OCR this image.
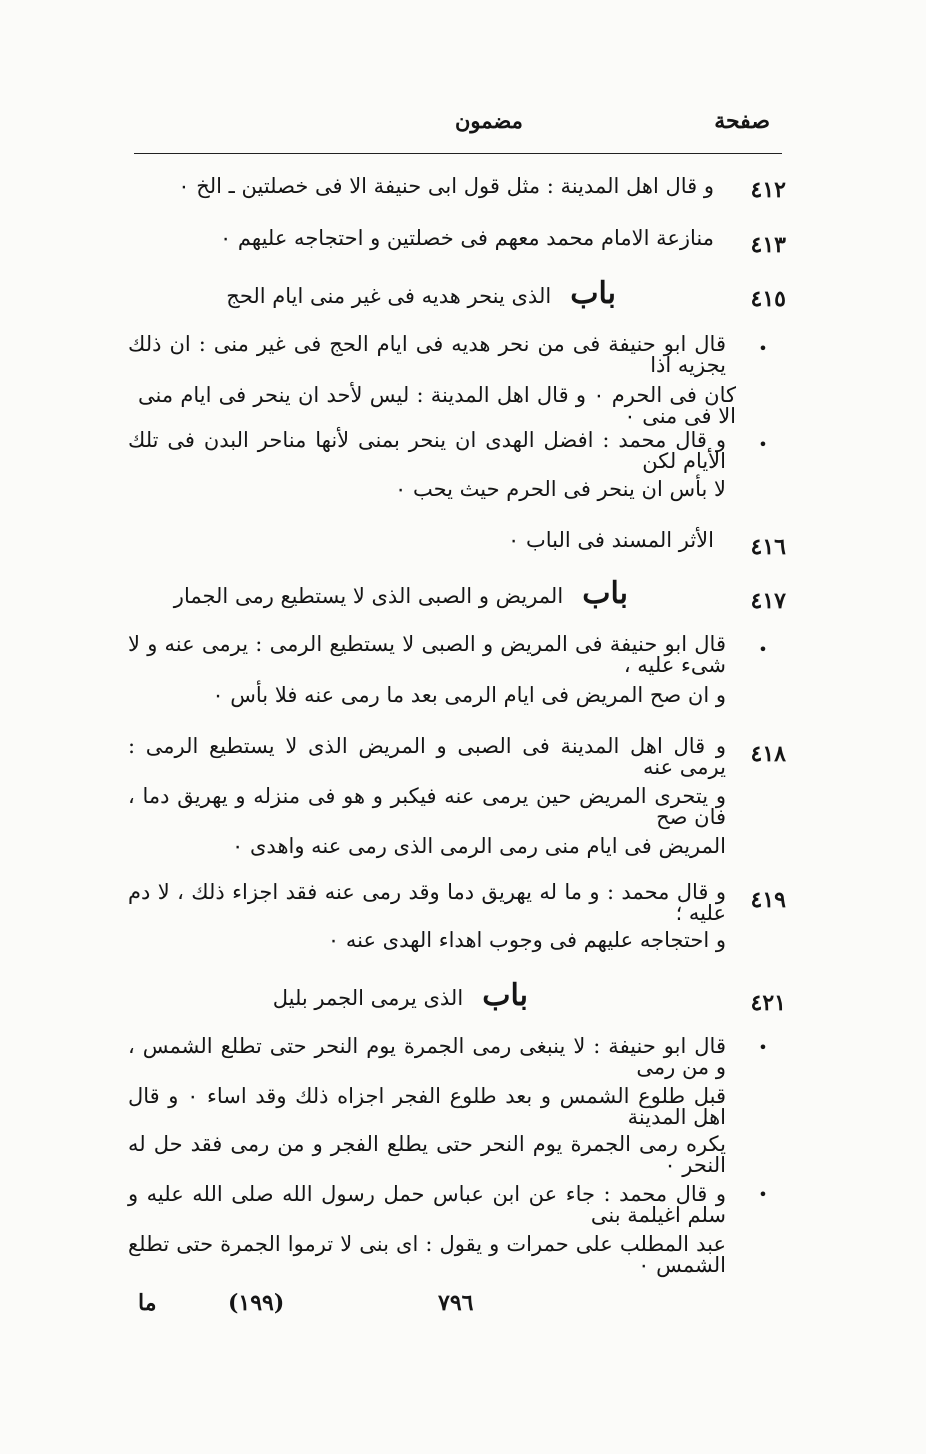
صفحة
مضمون
٤١٢
و قال اهل المدينة : مثل قول ابى حنيفة الا فى خصلتين ـ الخ ٠
٤١٣
منازعة الامام محمد معهم فى خصلتين و احتجاجه عليهم ٠
٤١٥
باب الذى ينحر هديه فى غير منى ايام الحج
•
قال ابو حنيفة فى من نحر هديه فى ايام الحج فى غير منى : ان ذلك يجزيه اذا
كان فى الحرم ٠ و قال اهل المدينة : ليس لأحد ان ينحر فى ايام منى الا فى منى ٠
•
و قال محمد : افضل الهدى ان ينحر بمنى لأنها مناحر البدن فى تلك الأيام لكن
لا بأس ان ينحر فى الحرم حيث يحب ٠
٤١٦
الأثر المسند فى الباب ٠
٤١٧
باب المريض و الصبى الذى لا يستطيع رمى الجمار
•
قال ابو حنيفة فى المريض و الصبى لا يستطيع الرمى : يرمى عنه و لا شىء عليه ،
و ان صح المريض فى ايام الرمى بعد ما رمى عنه فلا بأس ٠
٤١٨
و قال اهل المدينة فى الصبى و المريض الذى لا يستطيع الرمى : يرمى عنه
و يتحرى المريض حين يرمى عنه فيكبر و هو فى منزله و يهريق دما ، فان صح
المريض فى ايام منى رمى الرمى الذى رمى عنه واهدى ٠
٤١٩
و قال محمد : و ما له يهريق دما وقد رمى عنه فقد اجزاء ذلك ، لا دم عليه ؛
و احتجاجه عليهم فى وجوب اهداء الهدى عنه ٠
٤٢١
باب الذى يرمى الجمر بليل
•
قال ابو حنيفة : لا ينبغى رمى الجمرة يوم النحر حتى تطلع الشمس ، و من رمى
قبل طلوع الشمس و بعد طلوع الفجر اجزاه ذلك وقد اساء ٠ و قال اهل المدينة
يكره رمى الجمرة يوم النحر حتى يطلع الفجر و من رمى فقد حل له النحر ٠
•
و قال محمد : جاء عن ابن عباس حمل رسول الله صلى الله عليه و سلم اغيلمة بنى
عبد المطلب على حمرات و يقول : اى بنى لا ترموا الجمرة حتى تطلع الشمس ٠
٧٩٦
(١٩٩)
ما
